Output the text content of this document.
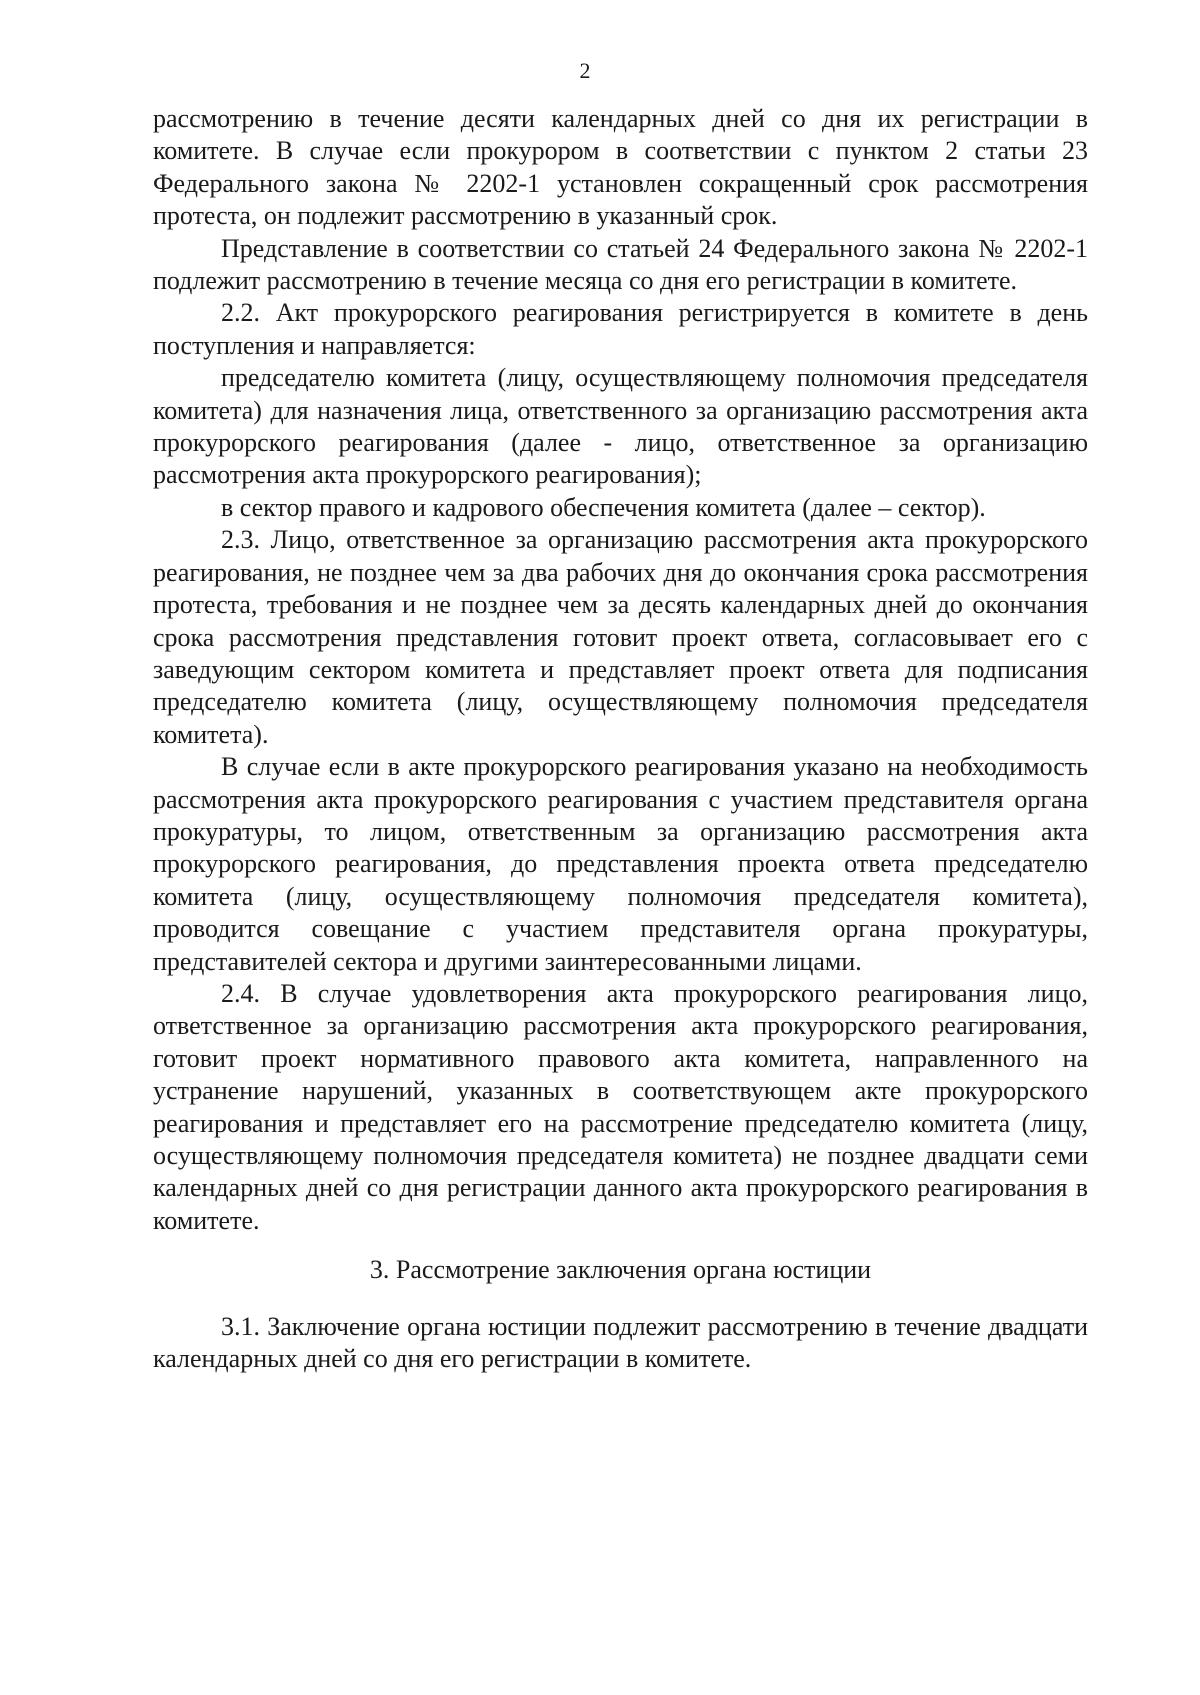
2

рассмотрению в течение десяти календарных дней со дня их регистрации в комитете. В случае если прокурором в соответствии с пунктом 2 статьи 23 Федерального закона № 2202-1 установлен сокращенный срок рассмотрения протеста, он подлежит рассмотрению в указанный срок.

Представление в соответствии со статьей 24 Федерального закона № 2202-1 подлежит рассмотрению в течение месяца со дня его регистрации в комитете.

2.2. Акт прокурорского реагирования регистрируется в комитете в день поступления и направляется:

председателю комитета (лицу, осуществляющему полномочия председателя комитета) для назначения лица, ответственного за организацию рассмотрения акта прокурорского реагирования (далее - лицо, ответственное за организацию рассмотрения акта прокурорского реагирования);

в сектор правого и кадрового обеспечения комитета (далее – сектор).

2.3. Лицо, ответственное за организацию рассмотрения акта прокурорского реагирования, не позднее чем за два рабочих дня до окончания срока рассмотрения протеста, требования и не позднее чем за десять календарных дней до окончания срока рассмотрения представления готовит проект ответа, согласовывает его с заведующим сектором комитета и представляет проект ответа для подписания председателю комитета (лицу, осуществляющему полномочия председателя комитета).

В случае если в акте прокурорского реагирования указано на необходимость рассмотрения акта прокурорского реагирования с участием представителя органа прокуратуры, то лицом, ответственным за организацию рассмотрения акта прокурорского реагирования, до представления проекта ответа председателю комитета (лицу, осуществляющему полномочия председателя комитета), проводится совещание с участием представителя органа прокуратуры, представителей сектора и другими заинтересованными лицами.

2.4. В случае удовлетворения акта прокурорского реагирования лицо, ответственное за организацию рассмотрения акта прокурорского реагирования, готовит проект нормативного правового акта комитета, направленного на устранение нарушений, указанных в соответствующем акте прокурорского реагирования и представляет его на рассмотрение председателю комитета (лицу, осуществляющему полномочия председателя комитета) не позднее двадцати семи календарных дней со дня регистрации данного акта прокурорского реагирования в комитете.

3. Рассмотрение заключения органа юстиции

3.1. Заключение органа юстиции подлежит рассмотрению в течение двадцати календарных дней со дня его регистрации в комитете.
